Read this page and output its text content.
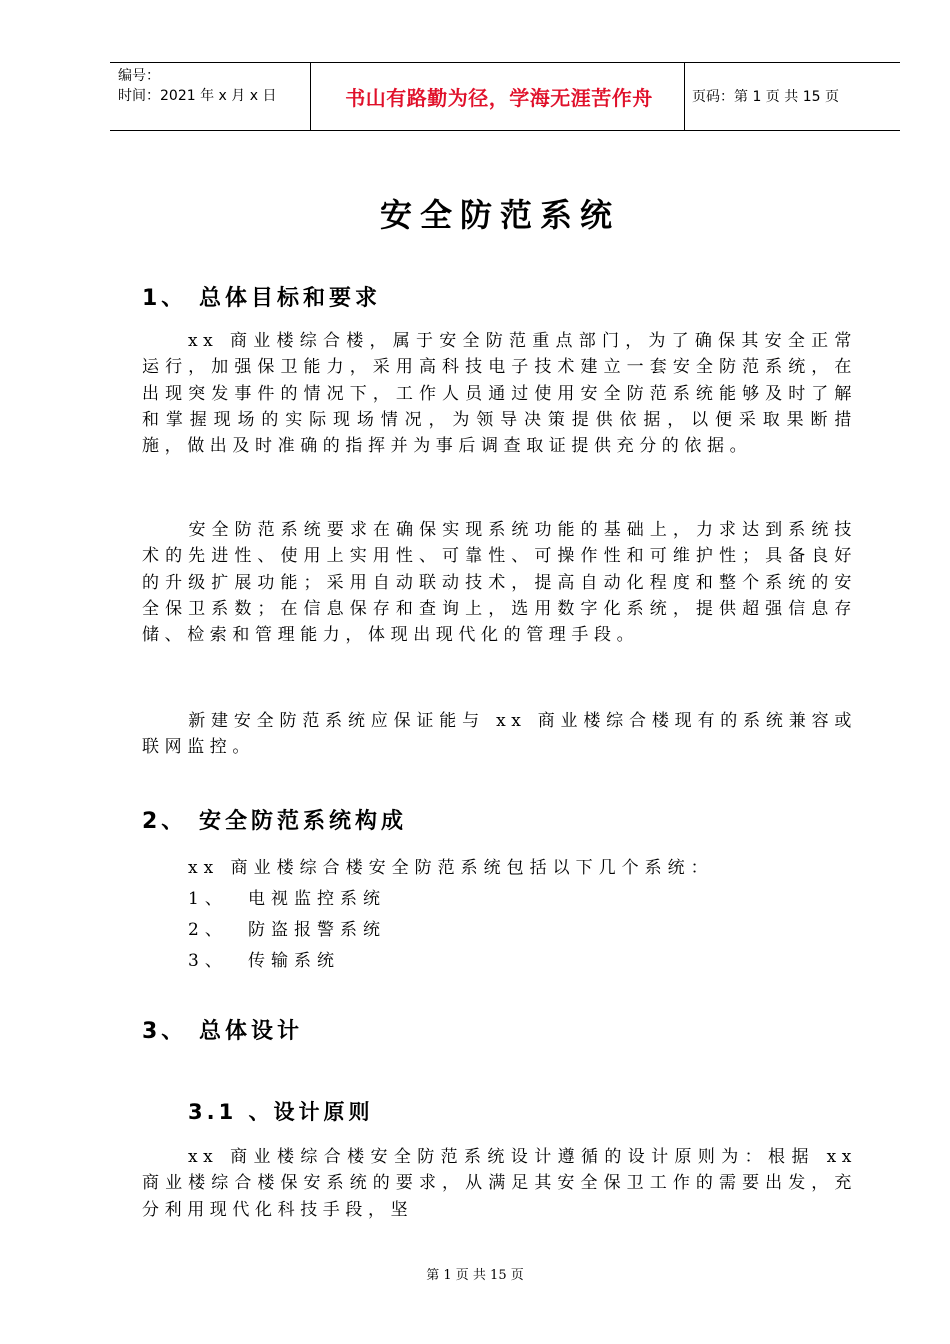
编号：
时间：2021 年 x 月 x 日	书山有路勤为径，学海无涯苦作舟	页码：第 1 页 共 15 页
安全防范系统
1、 总体目标和要求
xx 商业楼综合楼，属于安全防范重点部门，为了确保其安全正常运行，加强保卫能力，采用高科技电子技术建立一套安全防范系统，在出现突发事件的情况下，工作人员通过使用安全防范系统能够及时了解和掌握现场的实际现场情况，为领导决策提供依据，以便采取果断措施，做出及时准确的指挥并为事后调查取证提供充分的依据。
安全防范系统要求在确保实现系统功能的基础上，力求达到系统技术的先进性、使用上实用性、可靠性、可操作性和可维护性；具备良好的升级扩展功能；采用自动联动技术，提高自动化程度和整个系统的安全保卫系数；在信息保存和查询上，选用数字化系统，提供超强信息存储、检索和管理能力，体现出现代化的管理手段。
新建安全防范系统应保证能与 xx 商业楼综合楼现有的系统兼容或联网监控。
2、 安全防范系统构成
xx 商业楼综合楼安全防范系统包括以下几个系统：
1、 电视监控系统
2、 防盗报警系统
3、 传输系统
3、 总体设计
3.1 、设计原则
xx 商业楼综合楼安全防范系统设计遵循的设计原则为：根据 xx 商业楼综合楼保安系统的要求，从满足其安全保卫工作的需要出发，充分利用现代化科技手段，坚
第 1 页 共 15 页
